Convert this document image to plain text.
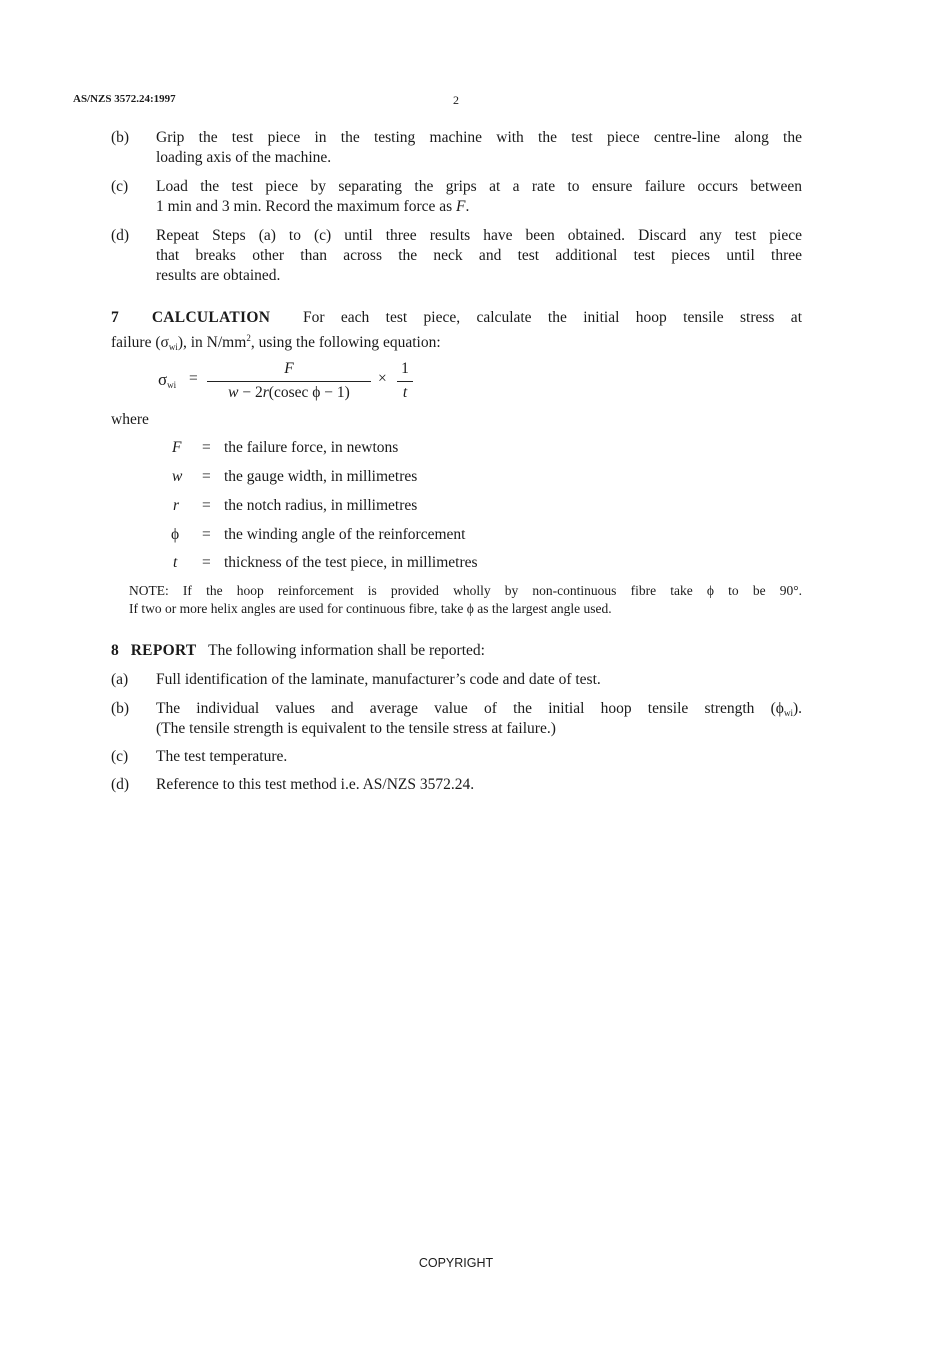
AS/NZS 3572.24:1997	2
(b) Grip the test piece in the testing machine with the test piece centre-line along the
loading axis of the machine.
(c) Load the test piece by separating the grips at a rate to ensure failure occurs between
1 min and 3 min. Record the maximum force as F.
(d) Repeat Steps (a) to (c) until three results have been obtained. Discard any test piece
that breaks other than across the neck and test additional test pieces until three
results are obtained.
7 CALCULATION For each test piece, calculate the initial hoop tensile stress at
failure $(\sigma_{wi})$, in $N/mm^2$, using the following equation:
$\sigma_{wi}$ =
F
w − 2r(cosec ϕ − 1)
×
1
t
where
F = the failure force, in newtons
w = the gauge width, in millimetres
r = the notch radius, in millimetres
ϕ = the winding angle of the reinforcement
t = thickness of the test piece, in millimetres
NOTE: If the hoop reinforcement is provided wholly by non-continuous fibre take ϕ to be 90°.
If two or more helix angles are used for continuous fibre, take ϕ as the largest angle used.
8 REPORT The following information shall be reported:
(a) Full identification of the laminate, manufacturer’s code and date of test.
(b) The individual values and average value of the initial hoop tensile strength $(\phi_{wi})$.
(The tensile strength is equivalent to the tensile stress at failure.)
(c) The test temperature.
(d) Reference to this test method i.e. AS/NZS 3572.24.
COPYRIGHT
